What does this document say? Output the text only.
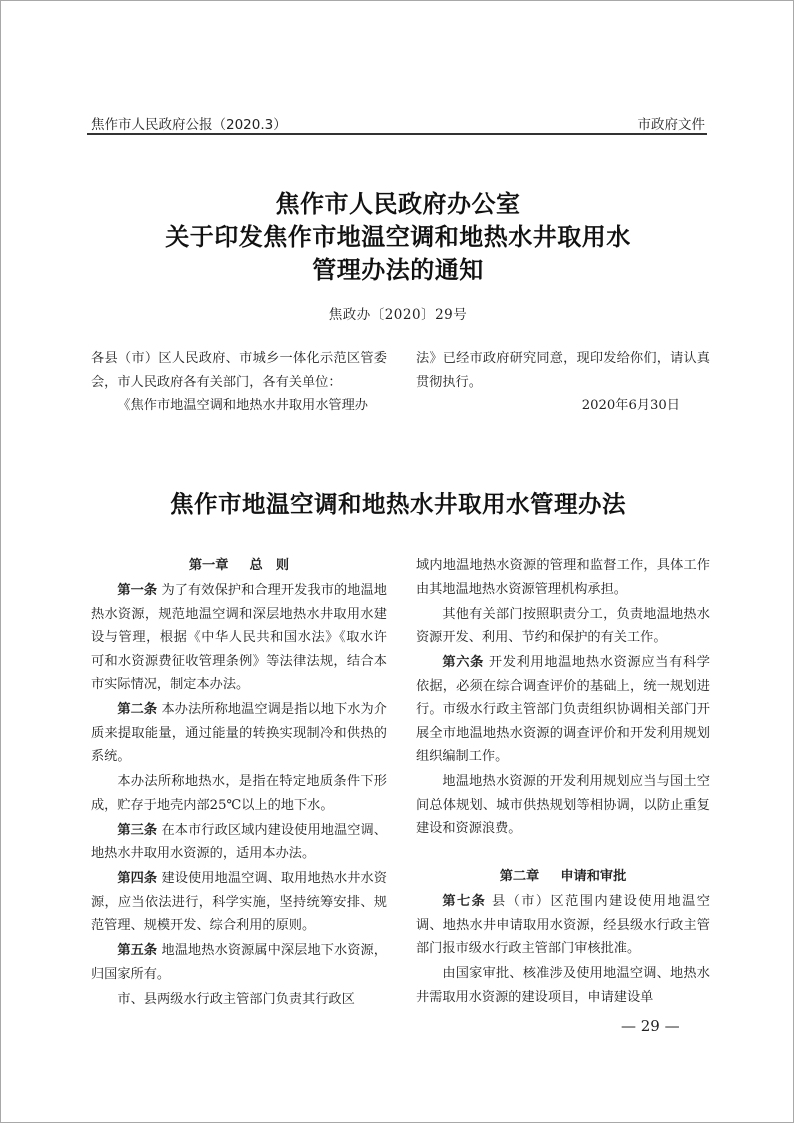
焦作市人民政府公报（2020.3）	市政府文件
焦作市人民政府办公室
关于印发焦作市地温空调和地热水井取用水
管理办法的通知
焦政办〔2020〕29号

各县（市）区人民政府、市城乡一体化示范区管委会，市人民政府各有关部门，各有关单位：

《焦作市地温空调和地热水井取用水管理办

法》已经市政府研究同意，现印发给你们，请认真贯彻执行。

2020年6月30日

焦作市地温空调和地热水井取用水管理办法

第一章 总　则

第一条 为了有效保护和合理开发我市的地温地热水资源，规范地温空调和深层地热水井取用水建设与管理，根据《中华人民共和国水法》《取水许可和水资源费征收管理条例》等法律法规，结合本市实际情况，制定本办法。

第二条 本办法所称地温空调是指以地下水为介质来提取能量，通过能量的转换实现制冷和供热的系统。

本办法所称地热水，是指在特定地质条件下形成，贮存于地壳内部25℃以上的地下水。

第三条 在本市行政区域内建设使用地温空调、地热水井取用水资源的，适用本办法。

第四条 建设使用地温空调、取用地热水井水资源，应当依法进行，科学实施，坚持统筹安排、规范管理、规模开发、综合利用的原则。

第五条 地温地热水资源属中深层地下水资源，归国家所有。

市、县两级水行政主管部门负责其行政区

域内地温地热水资源的管理和监督工作，具体工作由其地温地热水资源管理机构承担。

其他有关部门按照职责分工，负责地温地热水资源开发、利用、节约和保护的有关工作。

第六条 开发利用地温地热水资源应当有科学依据，必须在综合调查评价的基础上，统一规划进行。市级水行政主管部门负责组织协调相关部门开展全市地温地热水资源的调查评价和开发利用规划组织编制工作。

地温地热水资源的开发利用规划应当与国土空间总体规划、城市供热规划等相协调，以防止重复建设和资源浪费。

第二章 申请和审批

第七条 县（市）区范围内建设使用地温空调、地热水井申请取用水资源，经县级水行政主管部门报市级水行政主管部门审核批准。

由国家审批、核准涉及使用地温空调、地热水井需取用水资源的建设项目，申请建设单

— 29 —
